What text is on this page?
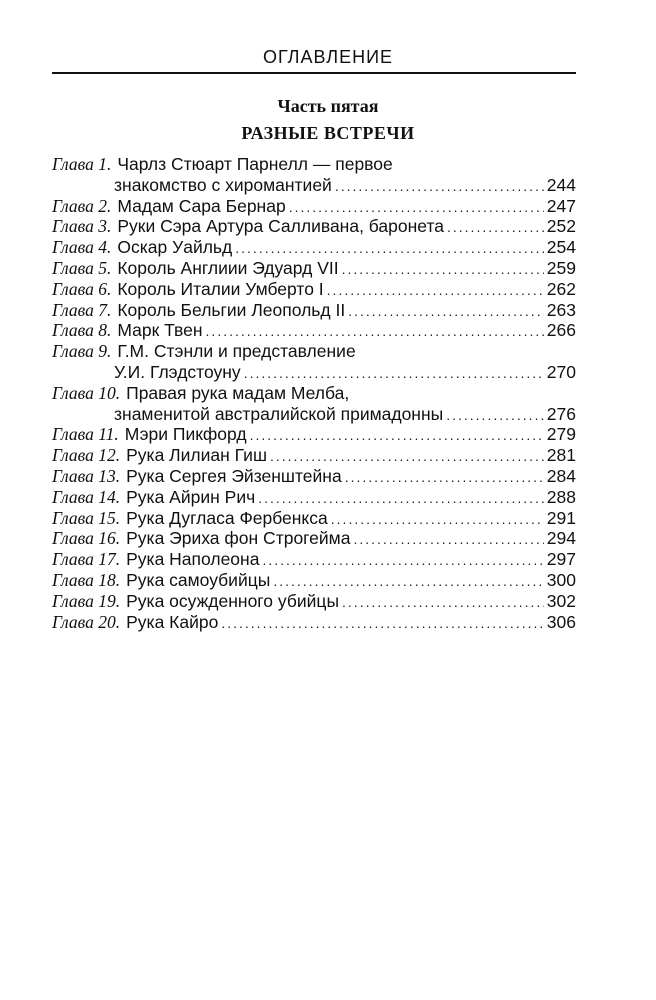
ОГЛАВЛЕНИЕ
Часть пятая
РАЗНЫЕ ВСТРЕЧИ
Глава 1. Чарлз Стюарт Парнелл — первое
знакомство с хиромантией .....	244
Глава 2. Мадам Сара Бернар .....	247
Глава 3. Руки Сэра Артура Салливана, баронета .....	252
Глава 4. Оскар Уайльд .....	254
Глава 5. Король Англиии Эдуард VII .....	259
Глава 6. Король Италии Умберто I .....	262
Глава 7. Король Бельгии Леопольд II .....	263
Глава 8. Марк Твен .....	266
Глава 9. Г.М. Стэнли и представление
У.И. Глэдстоуну .....	270
Глава 10. Правая рука мадам Мелба,
знаменитой австралийской примадонны .....	276
Глава 11. Мэри Пикфорд .....	279
Глава 12. Рука Лилиан Гиш .....	281
Глава 13. Рука Сергея Эйзенштейна .....	284
Глава 14. Рука Айрин Рич .....	288
Глава 15. Рука Дугласа Фербенкса .....	291
Глава 16. Рука Эриха фон Строгейма .....	294
Глава 17. Рука Наполеона .....	297
Глава 18. Рука самоубийцы .....	300
Глава 19. Рука осужденного убийцы .....	302
Глава 20. Рука Кайро .....	306
